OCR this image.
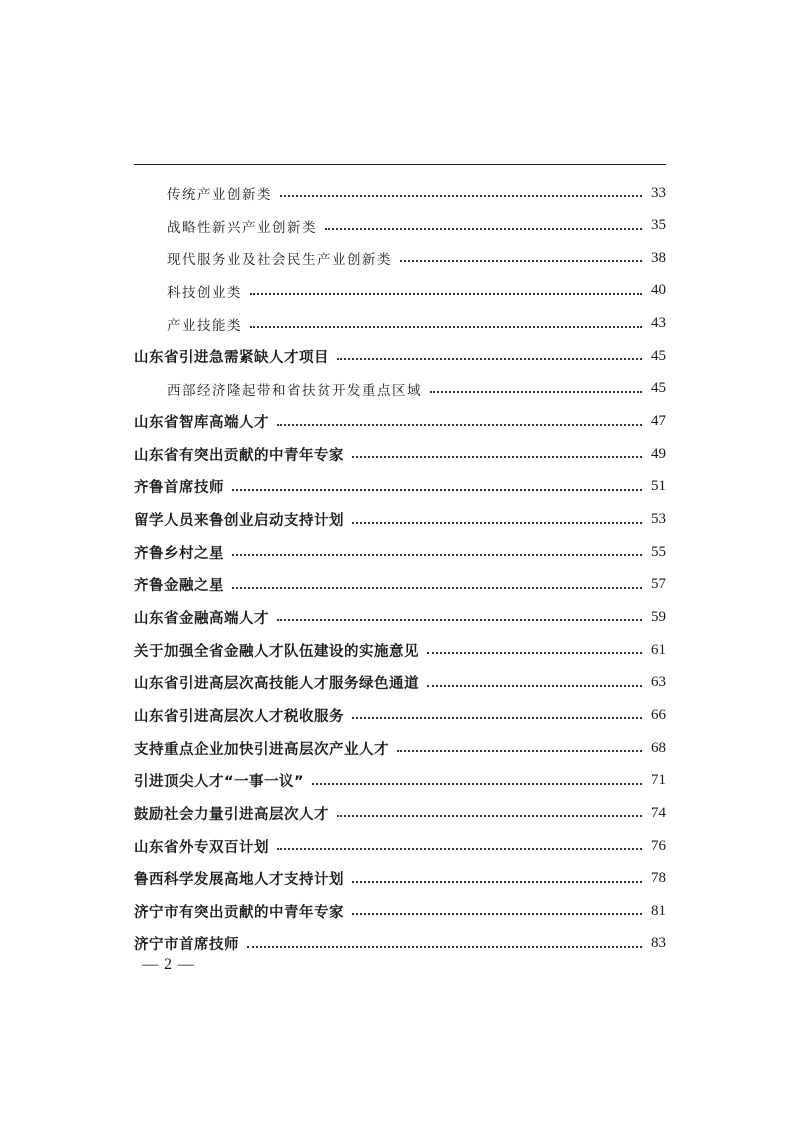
传统产业创新类	33
战略性新兴产业创新类	35
现代服务业及社会民生产业创新类	38
科技创业类	40
产业技能类	43
山东省引进急需紧缺人才项目	45
西部经济隆起带和省扶贫开发重点区域	45
山东省智库高端人才	47
山东省有突出贡献的中青年专家	49
齐鲁首席技师	51
留学人员来鲁创业启动支持计划	53
齐鲁乡村之星	55
齐鲁金融之星	57
山东省金融高端人才	59
关于加强全省金融人才队伍建设的实施意见	61
山东省引进高层次高技能人才服务绿色通道	63
山东省引进高层次人才税收服务	66
支持重点企业加快引进高层次产业人才	68
引进顶尖人才“一事一议”	71
鼓励社会力量引进高层次人才	74
山东省外专双百计划	76
鲁西科学发展高地人才支持计划	78
济宁市有突出贡献的中青年专家	81
济宁市首席技师	83
— 2 —
